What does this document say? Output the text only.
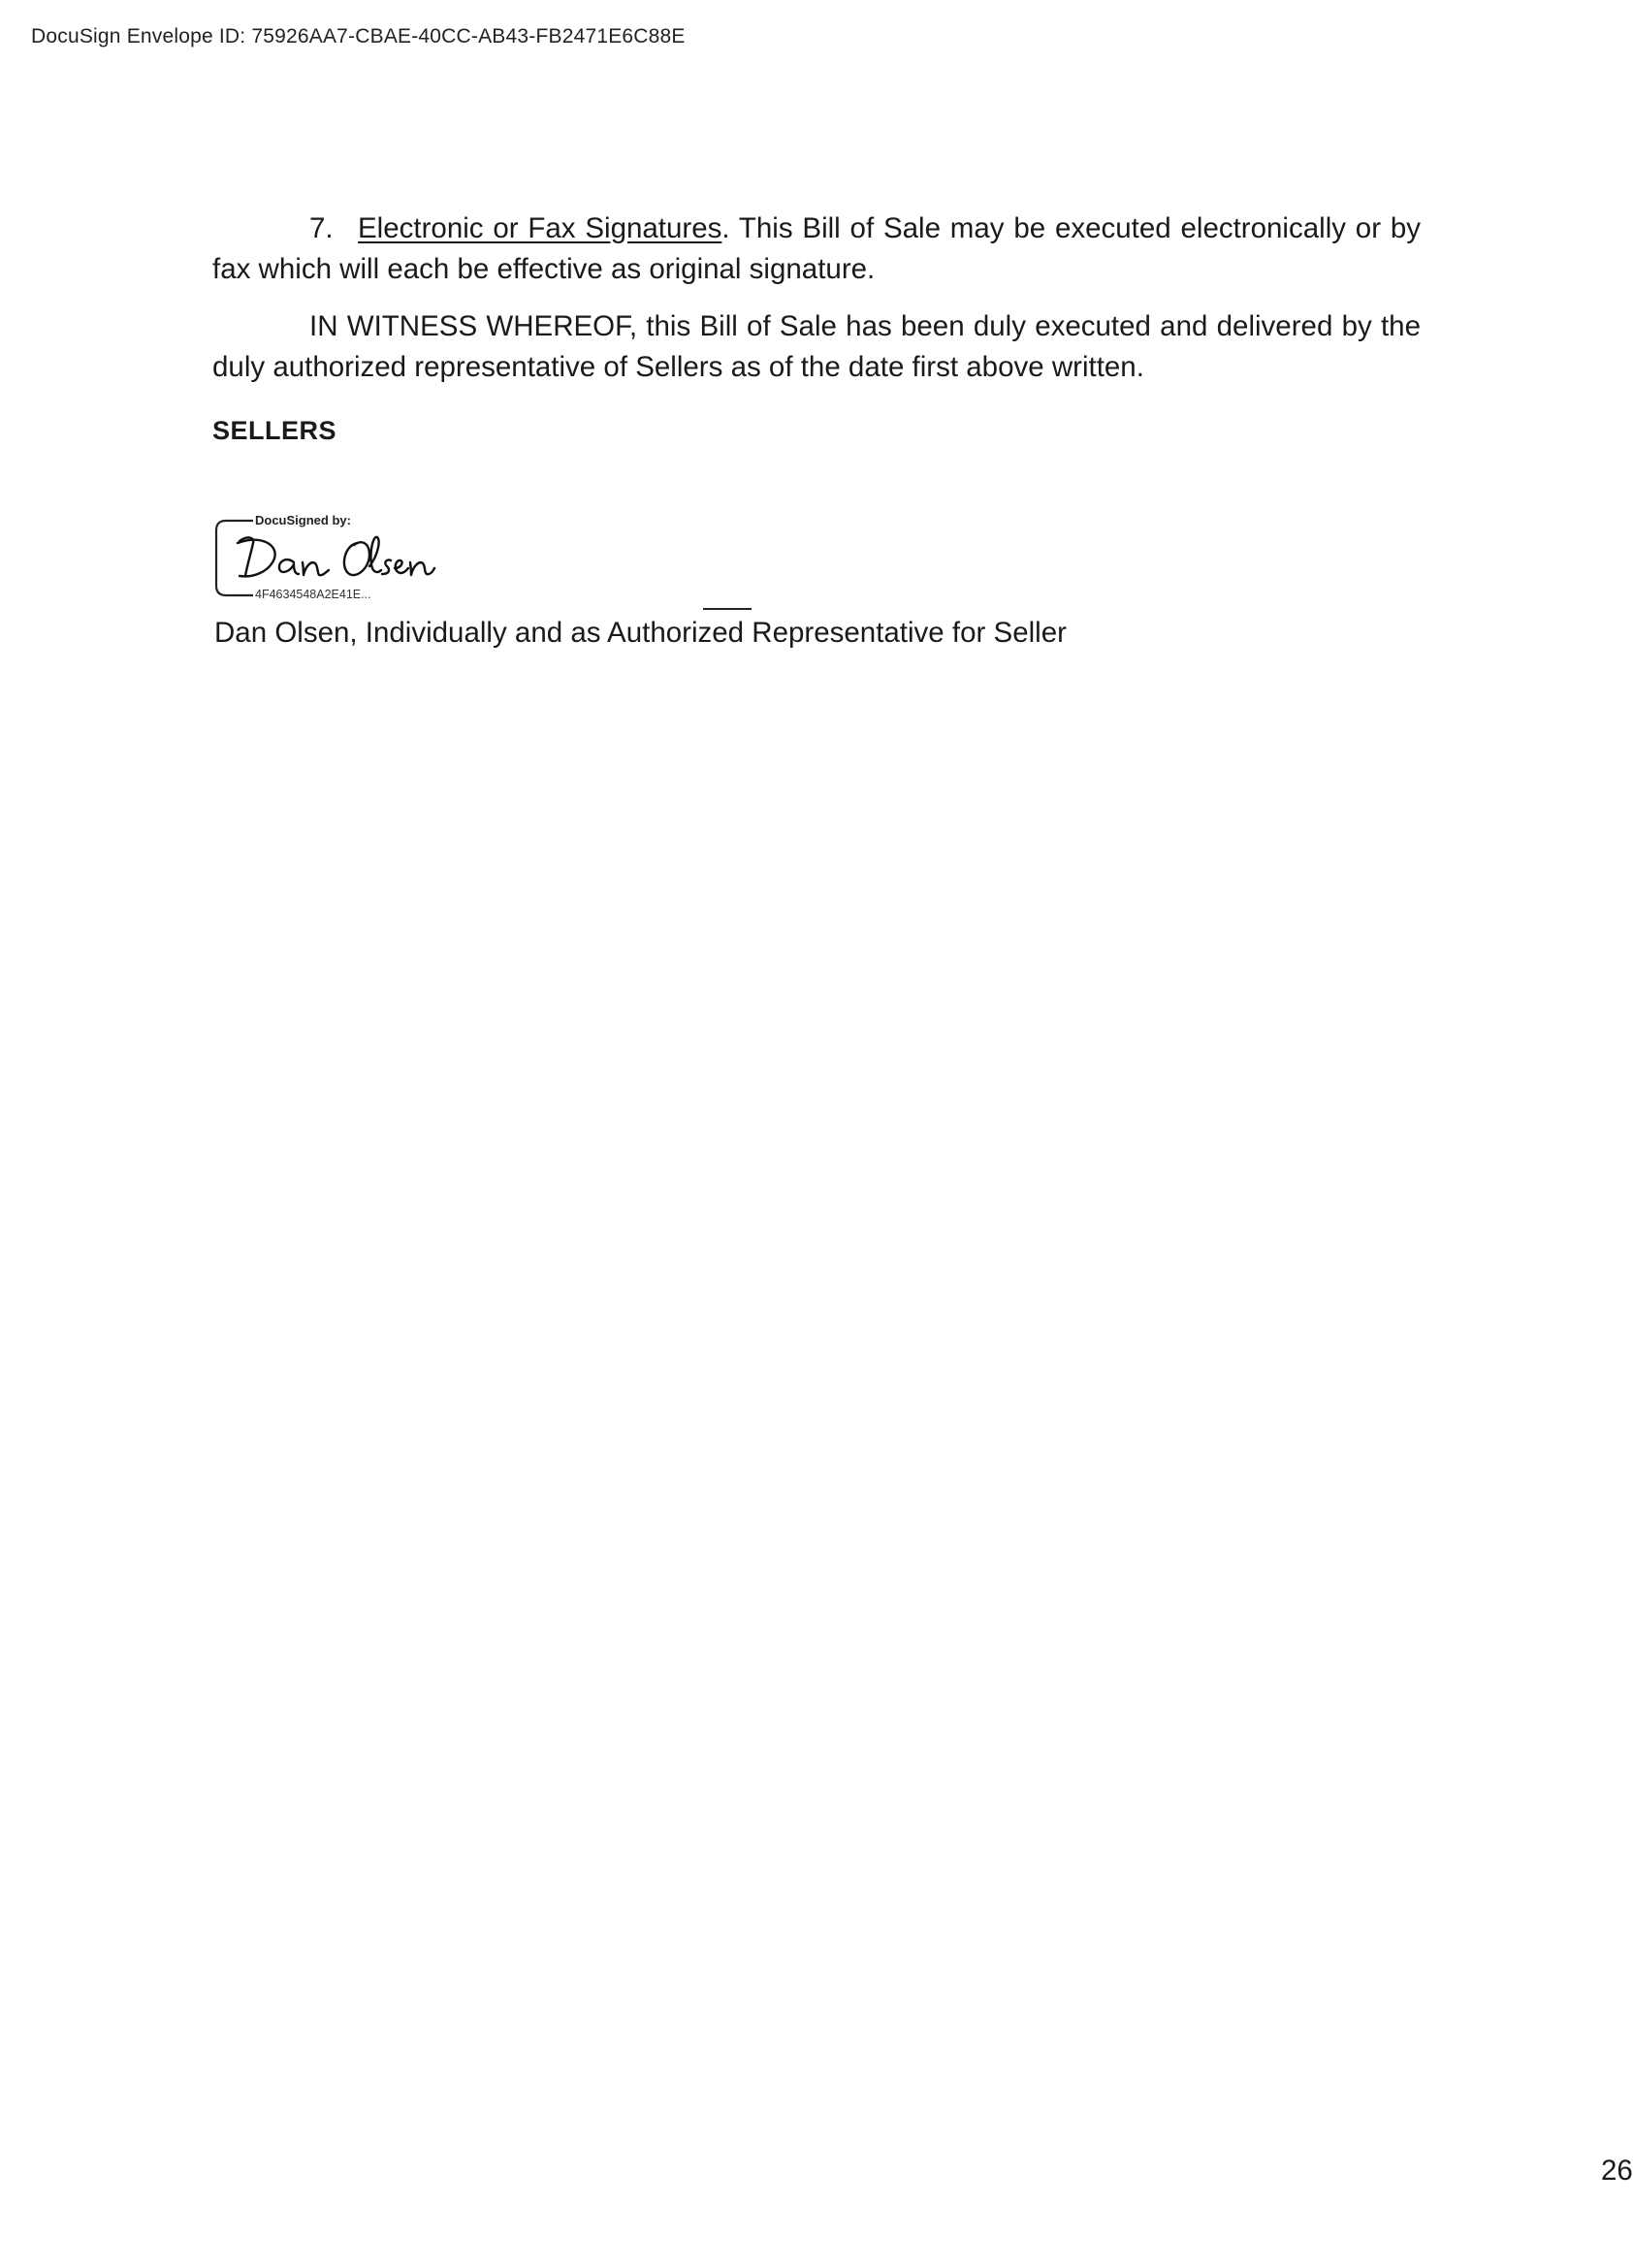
DocuSign Envelope ID: 75926AA7-CBAE-40CC-AB43-FB2471E6C88E
7. Electronic or Fax Signatures. This Bill of Sale may be executed electronically or by fax which will each be effective as original signature.
IN WITNESS WHEREOF, this Bill of Sale has been duly executed and delivered by the duly authorized representative of Sellers as of the date first above written.
SELLERS
DocuSigned by:
4F4634548A2E41E...
Dan Olsen, Individually and as Authorized Representative for Seller
26
